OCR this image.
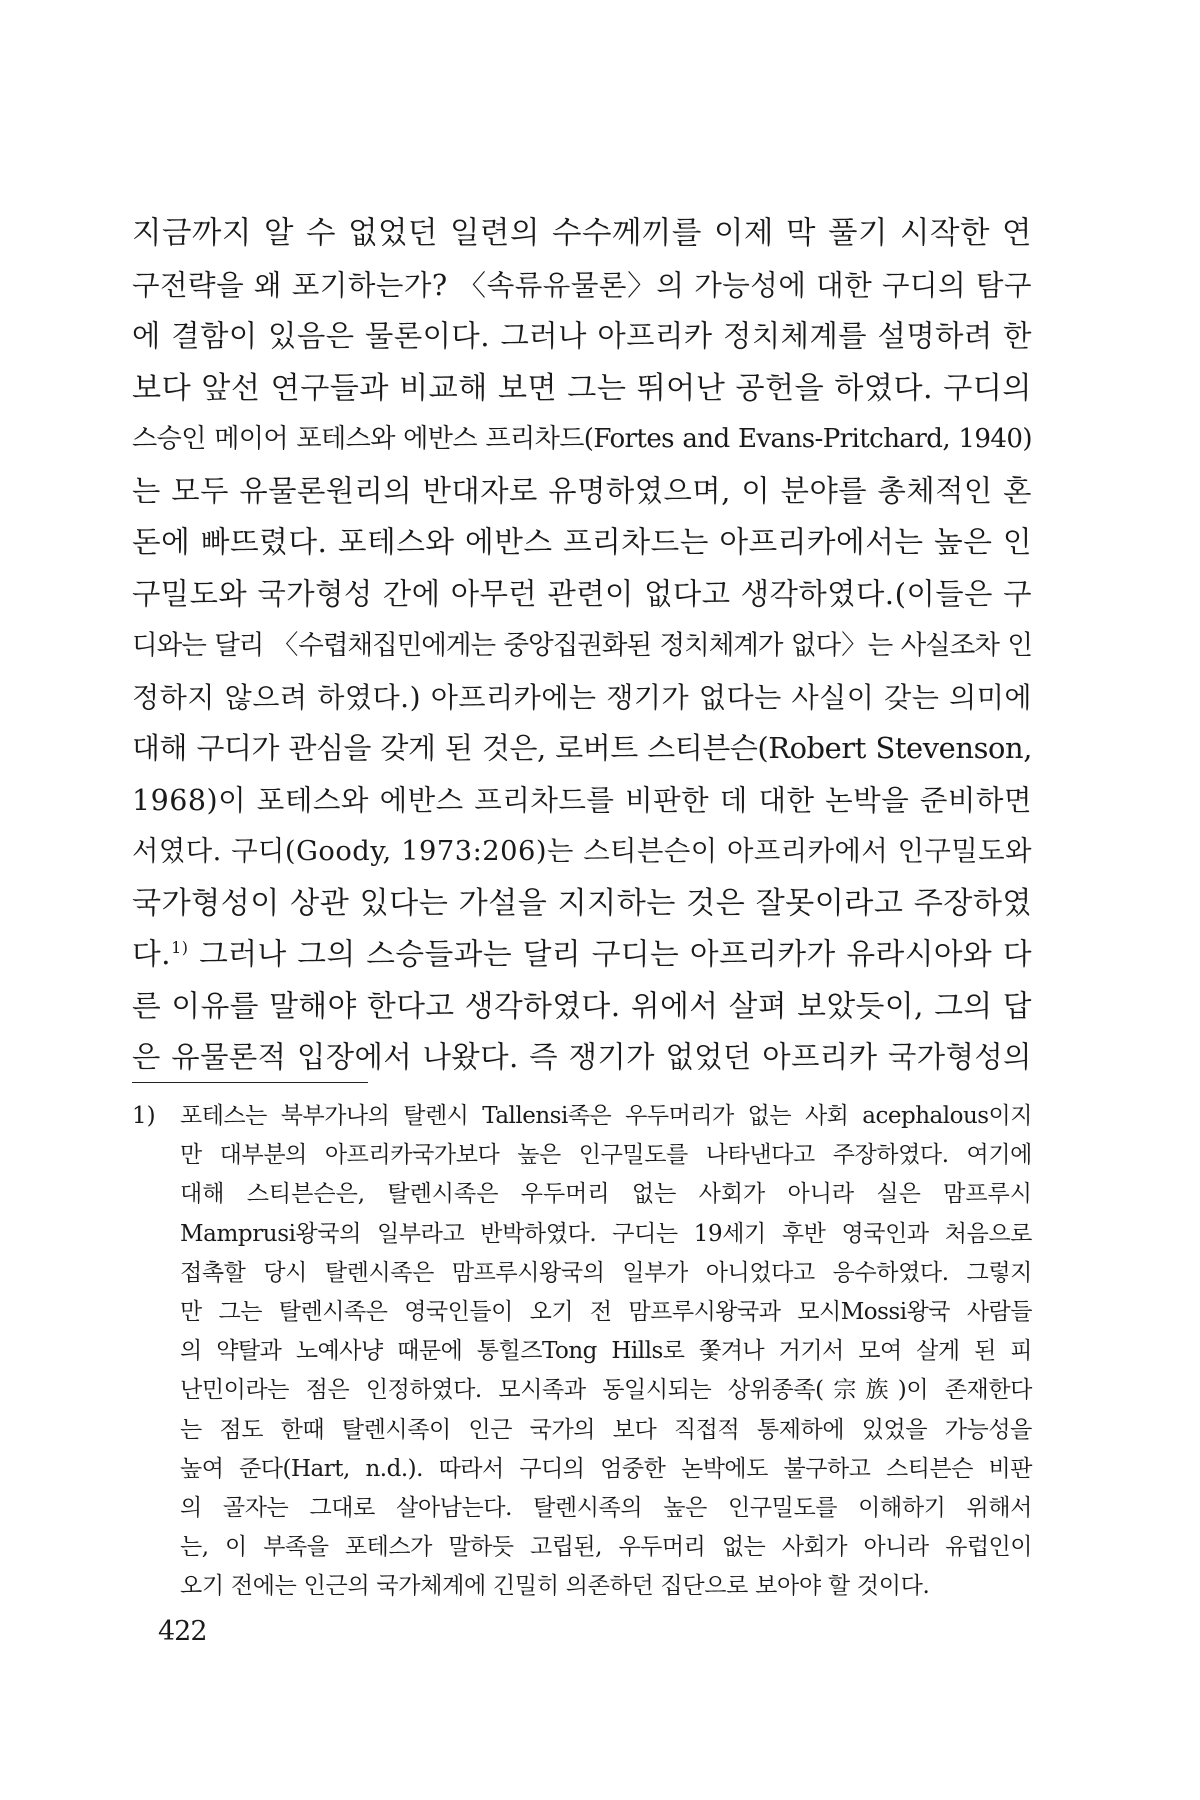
지금까지 알 수 없었던 일련의 수수께끼를 이제 막 풀기 시작한 연
구전략을 왜 포기하는가? 〈속류유물론〉의 가능성에 대한 구디의 탐구
에 결함이 있음은 물론이다. 그러나 아프리카 정치체계를 설명하려 한
보다 앞선 연구들과 비교해 보면 그는 뛰어난 공헌을 하였다. 구디의
스승인 메이어 포테스와 에반스 프리차드(Fortes and Evans-Pritchard, 1940)
는 모두 유물론원리의 반대자로 유명하였으며, 이 분야를 총체적인 혼
돈에 빠뜨렸다. 포테스와 에반스 프리차드는 아프리카에서는 높은 인
구밀도와 국가형성 간에 아무런 관련이 없다고 생각하였다.(이들은 구
디와는 달리 〈수렵채집민에게는 중앙집권화된 정치체계가 없다〉는 사실조차 인
정하지 않으려 하였다.) 아프리카에는 쟁기가 없다는 사실이 갖는 의미에
대해 구디가 관심을 갖게 된 것은, 로버트 스티븐슨(Robert Stevenson,
1968)이 포테스와 에반스 프리차드를 비판한 데 대한 논박을 준비하면
서였다. 구디(Goody, 1973:206)는 스티븐슨이 아프리카에서 인구밀도와
국가형성이 상관 있다는 가설을 지지하는 것은 잘못이라고 주장하였
다.$^{1)}$ 그러나 그의 스승들과는 달리 구디는 아프리카가 유라시아와 다
른 이유를 말해야 한다고 생각하였다. 위에서 살펴 보았듯이, 그의 답
은 유물론적 입장에서 나왔다. 즉 쟁기가 없었던 아프리카 국가형성의
1) 포테스는 북부가나의 탈렌시 Tallensi족은 우두머리가 없는 사회 acephalous이지
만 대부분의 아프리카국가보다 높은 인구밀도를 나타낸다고 주장하였다. 여기에
대해 스티븐슨은, 탈렌시족은 우두머리 없는 사회가 아니라 실은 맘프루시
Mamprusi왕국의 일부라고 반박하였다. 구디는 19세기 후반 영국인과 처음으로
접촉할 당시 탈렌시족은 맘프루시왕국의 일부가 아니었다고 응수하였다. 그렇지
만 그는 탈렌시족은 영국인들이 오기 전 맘프루시왕국과 모시Mossi왕국 사람들
의 약탈과 노예사냥 때문에 통힐즈Tong Hills로 쫓겨나 거기서 모여 살게 된 피
난민이라는 점은 인정하였다. 모시족과 동일시되는 상위종족(宗族)이 존재한다
는 점도 한때 탈렌시족이 인근 국가의 보다 직접적 통제하에 있었을 가능성을
높여 준다(Hart, n.d.). 따라서 구디의 엄중한 논박에도 불구하고 스티븐슨 비판
의 골자는 그대로 살아남는다. 탈렌시족의 높은 인구밀도를 이해하기 위해서
는, 이 부족을 포테스가 말하듯 고립된, 우두머리 없는 사회가 아니라 유럽인이
오기 전에는 인근의 국가체계에 긴밀히 의존하던 집단으로 보아야 할 것이다.
422
